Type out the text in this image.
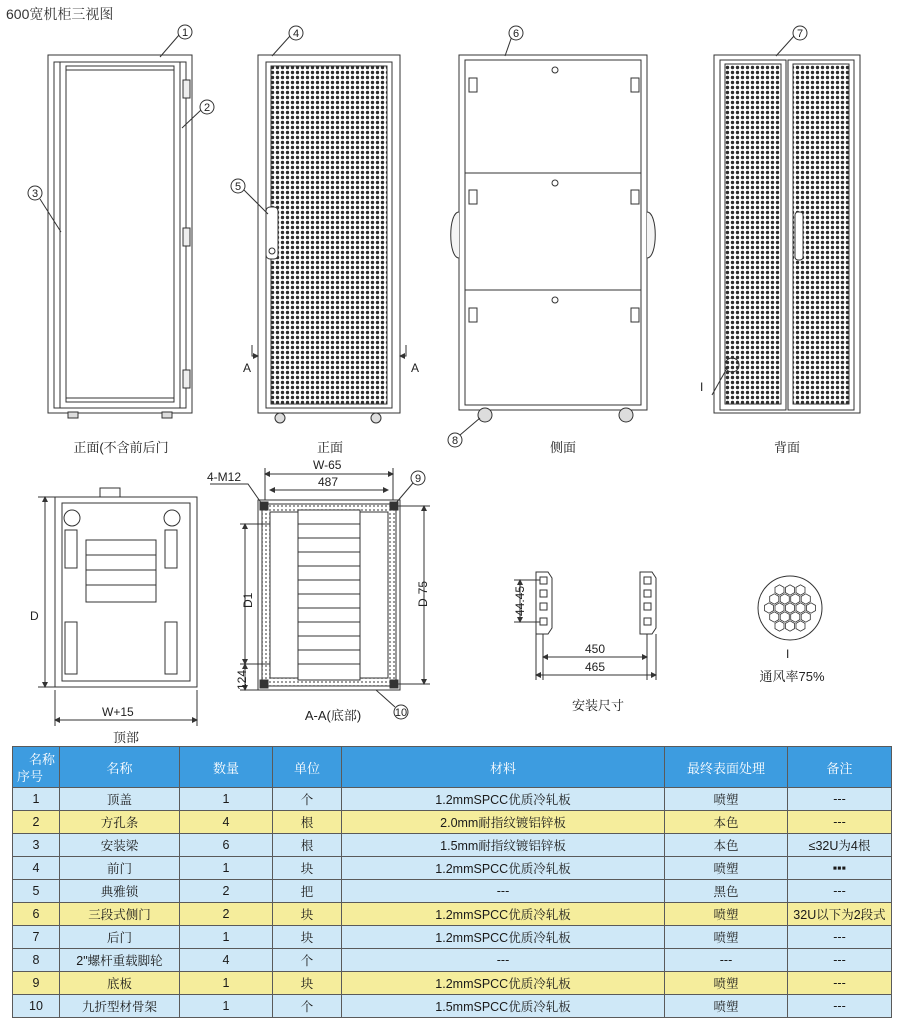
600宽机柜三视图
1
2
3
4
5
A	A
6
8
7
I
D
W+15
W-65
487
4-M12
D1
124
D-75
9
10
44.45
450
465
I
正面(不含前后门	正面	侧面	背面
顶部
A-A(底部)
安装尺寸
通风率75%
名称
序号	名称	数量	单位	材料	最终表面处理	备注
1	顶盖	1	个	1.2mmSPCC优质冷轧板	喷塑	---
2	方孔条	4	根	2.0mm耐指纹镀铝锌板	本色	---
3	安装梁	6	根	1.5mm耐指纹镀铝锌板	本色	≤32U为4根
4	前门	1	块	1.2mmSPCC优质冷轧板	喷塑	▪▪▪
5	典雅锁	2	把	---	黑色	---
6	三段式侧门	2	块	1.2mmSPCC优质冷轧板	喷塑	32U以下为2段式
7	后门	1	块	1.2mmSPCC优质冷轧板	喷塑	---
8	2"螺杆重载脚轮	4	个	---	---	---
9	底板	1	块	1.2mmSPCC优质冷轧板	喷塑	---
10	九折型材骨架	1	个	1.5mmSPCC优质冷轧板	喷塑	---
